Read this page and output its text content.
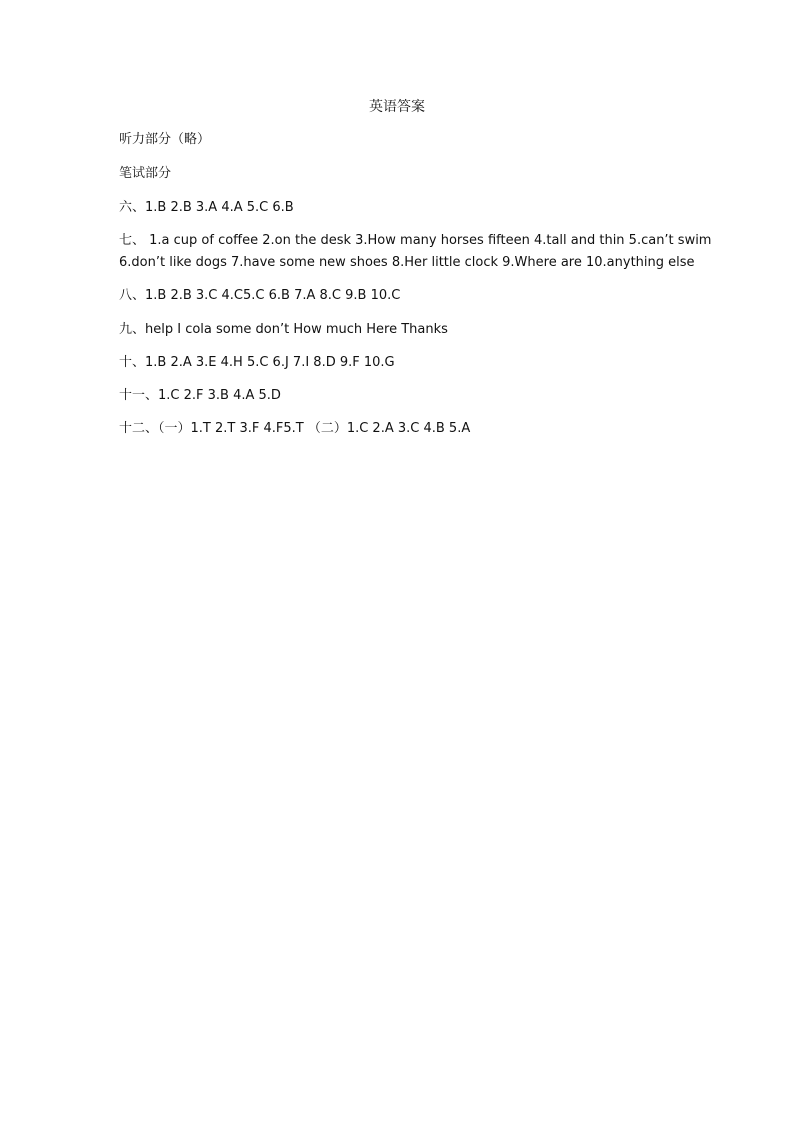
英语答案
听力部分（略）
笔试部分
六、1.B 2.B 3.A 4.A 5.C 6.B
七、 1.a cup of coffee 2.on the desk 3.How many horses fifteen 4.tall and thin 5.can’t swim
6.don’t like dogs 7.have some new shoes 8.Her little clock 9.Where are 10.anything else
八、1.B 2.B 3.C 4.C5.C 6.B 7.A 8.C 9.B 10.C
九、help I cola some don’t How much Here Thanks
十、1.B 2.A 3.E 4.H 5.C 6.J 7.I 8.D 9.F 10.G
十一、1.C 2.F 3.B 4.A 5.D
十二、（一）1.T 2.T 3.F 4.F5.T （二）1.C 2.A 3.C 4.B 5.A
